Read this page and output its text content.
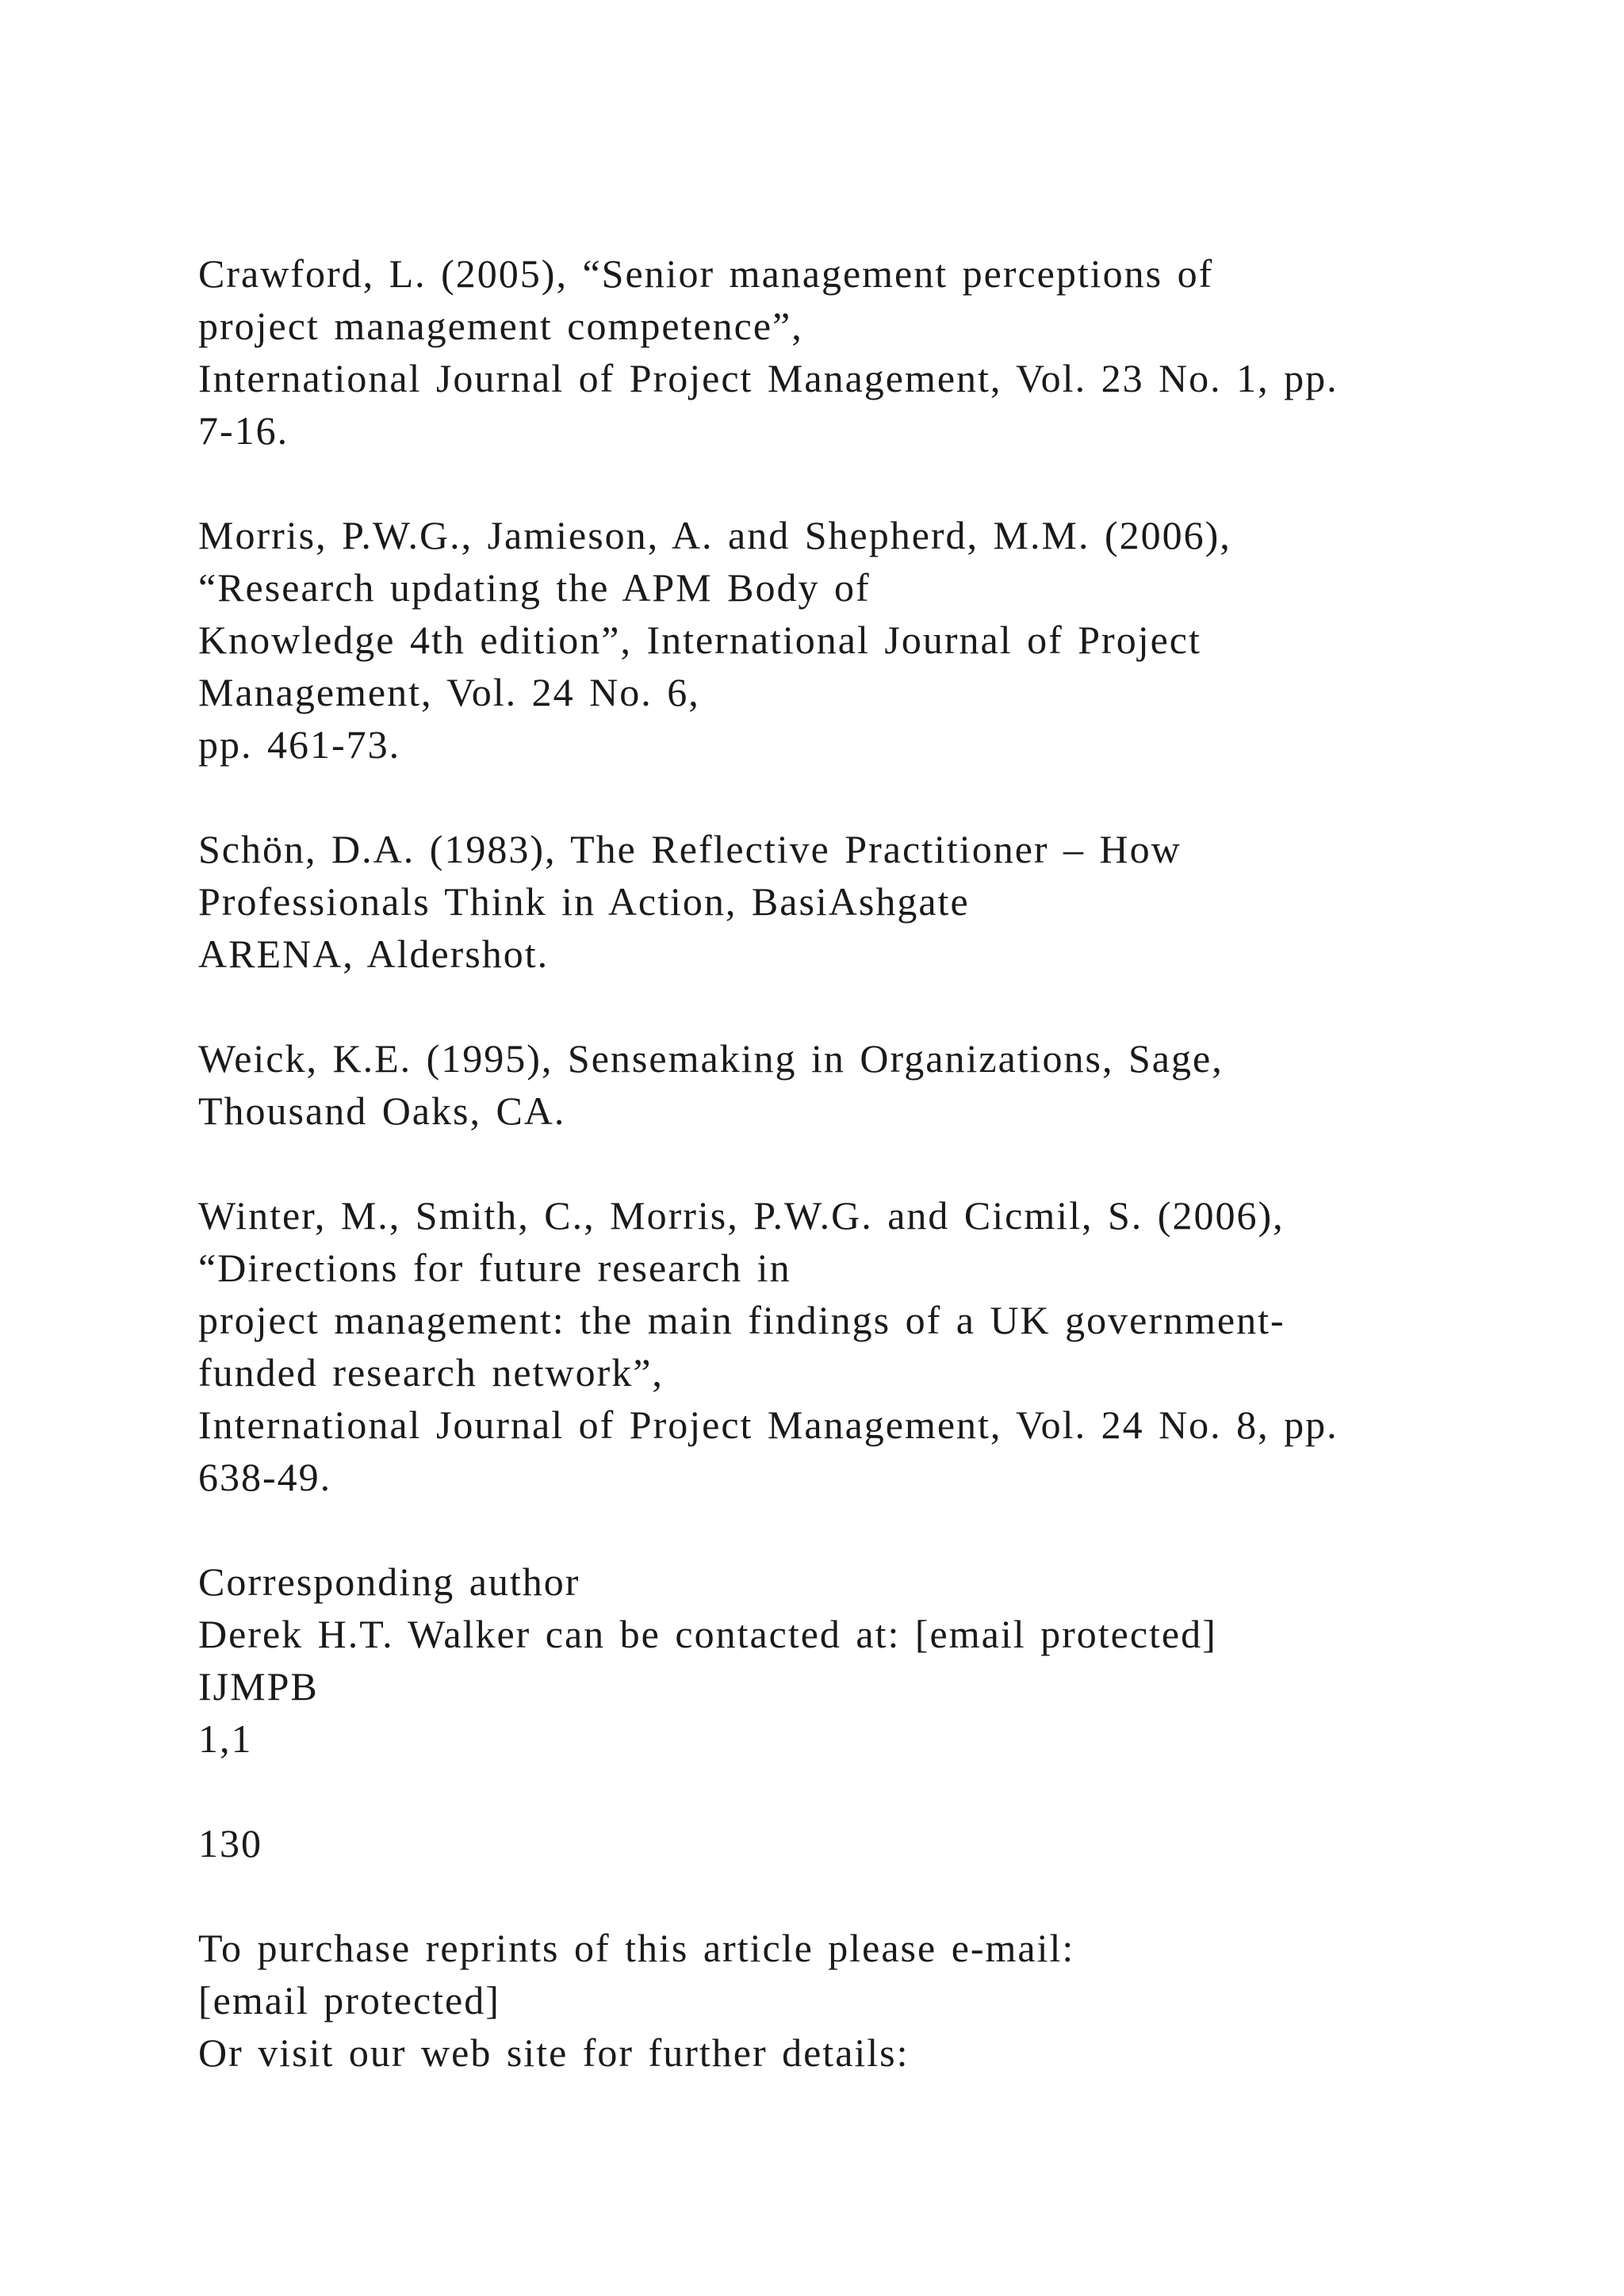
Crawford, L. (2005), “Senior management perceptions of
project management competence”,
International Journal of Project Management, Vol. 23 No. 1, pp.
7-16.
Morris, P.W.G., Jamieson, A. and Shepherd, M.M. (2006),
“Research updating the APM Body of
Knowledge 4th edition”, International Journal of Project
Management, Vol. 24 No. 6,
pp. 461-73.
Schön, D.A. (1983), The Reflective Practitioner – How
Professionals Think in Action, BasiAshgate
ARENA, Aldershot.
Weick, K.E. (1995), Sensemaking in Organizations, Sage,
Thousand Oaks, CA.
Winter, M., Smith, C., Morris, P.W.G. and Cicmil, S. (2006),
“Directions for future research in
project management: the main findings of a UK government-
funded research network”,
International Journal of Project Management, Vol. 24 No. 8, pp.
638-49.
Corresponding author
Derek H.T. Walker can be contacted at: [email protected]
IJMPB
1,1
130
To purchase reprints of this article please e-mail:
[email protected]
Or visit our web site for further details:
